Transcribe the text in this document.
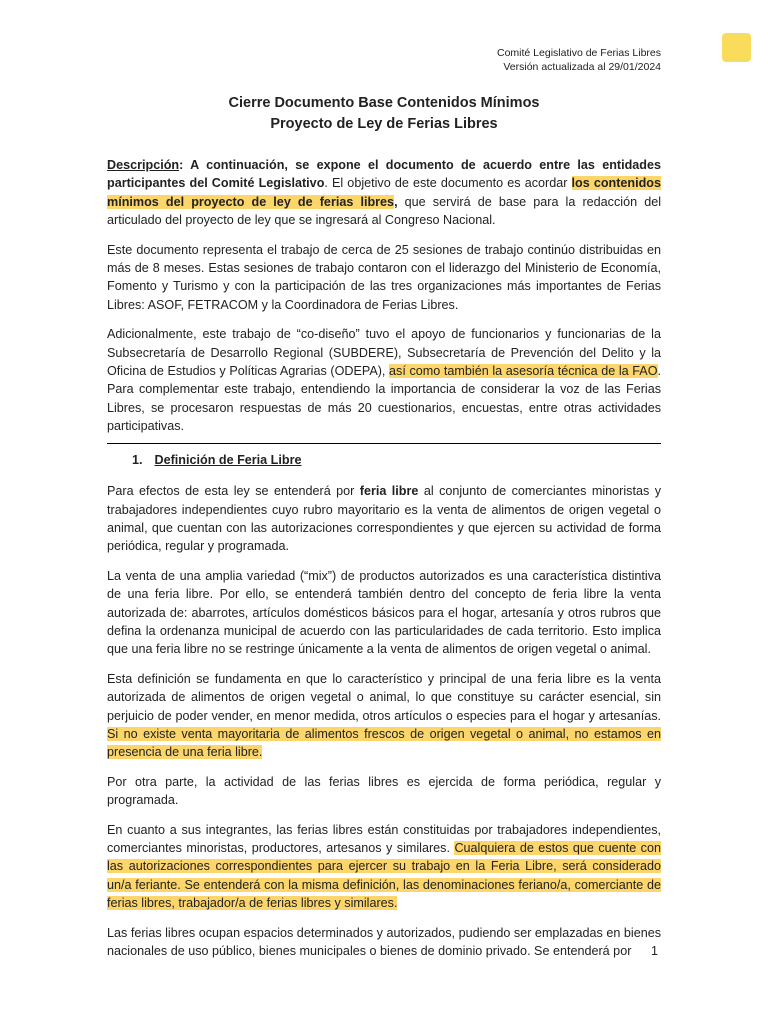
Comité Legislativo de Ferias Libres
Versión actualizada al 29/01/2024
Cierre Documento Base Contenidos Mínimos
Proyecto de Ley de Ferias Libres

Descripción: A continuación, se expone el documento de acuerdo entre las entidades participantes del Comité Legislativo. El objetivo de este documento es acordar los contenidos mínimos del proyecto de ley de ferias libres, que servirá de base para la redacción del articulado del proyecto de ley que se ingresará al Congreso Nacional.

Este documento representa el trabajo de cerca de 25 sesiones de trabajo continúo distribuidas en más de 8 meses. Estas sesiones de trabajo contaron con el liderazgo del Ministerio de Economía, Fomento y Turismo y con la participación de las tres organizaciones más importantes de Ferias Libres: ASOF, FETRACOM y la Coordinadora de Ferias Libres.

Adicionalmente, este trabajo de “co-diseño” tuvo el apoyo de funcionarios y funcionarias de la Subsecretaría de Desarrollo Regional (SUBDERE), Subsecretaría de Prevención del Delito y la Oficina de Estudios y Políticas Agrarias (ODEPA), así como también la asesoría técnica de la FAO. Para complementar este trabajo, entendiendo la importancia de considerar la voz de las Ferias Libres, se procesaron respuestas de más 20 cuestionarios, encuestas, entre otras actividades participativas.

1. Definición de Feria Libre

Para efectos de esta ley se entenderá por feria libre al conjunto de comerciantes minoristas y trabajadores independientes cuyo rubro mayoritario es la venta de alimentos de origen vegetal o animal, que cuentan con las autorizaciones correspondientes y que ejercen su actividad de forma periódica, regular y programada.

La venta de una amplia variedad (“mix”) de productos autorizados es una característica distintiva de una feria libre. Por ello, se entenderá también dentro del concepto de feria libre la venta autorizada de: abarrotes, artículos domésticos básicos para el hogar, artesanía y otros rubros que defina la ordenanza municipal de acuerdo con las particularidades de cada territorio. Esto implica que una feria libre no se restringe únicamente a la venta de alimentos de origen vegetal o animal.

Esta definición se fundamenta en que lo característico y principal de una feria libre es la venta autorizada de alimentos de origen vegetal o animal, lo que constituye su carácter esencial, sin perjuicio de poder vender, en menor medida, otros artículos o especies para el hogar y artesanías. Si no existe venta mayoritaria de alimentos frescos de origen vegetal o animal, no estamos en presencia de una feria libre.

Por otra parte, la actividad de las ferias libres es ejercida de forma periódica, regular y programada.

En cuanto a sus integrantes, las ferias libres están constituidas por trabajadores independientes, comerciantes minoristas, productores, artesanos y similares. Cualquiera de estos que cuente con las autorizaciones correspondientes para ejercer su trabajo en la Feria Libre, será considerado un/a feriante. Se entenderá con la misma definición, las denominaciones feriano/a, comerciante de ferias libres, trabajador/a de ferias libres y similares.

Las ferias libres ocupan espacios determinados y autorizados, pudiendo ser emplazadas en bienes nacionales de uso público, bienes municipales o bienes de dominio privado. Se entenderá por	1
